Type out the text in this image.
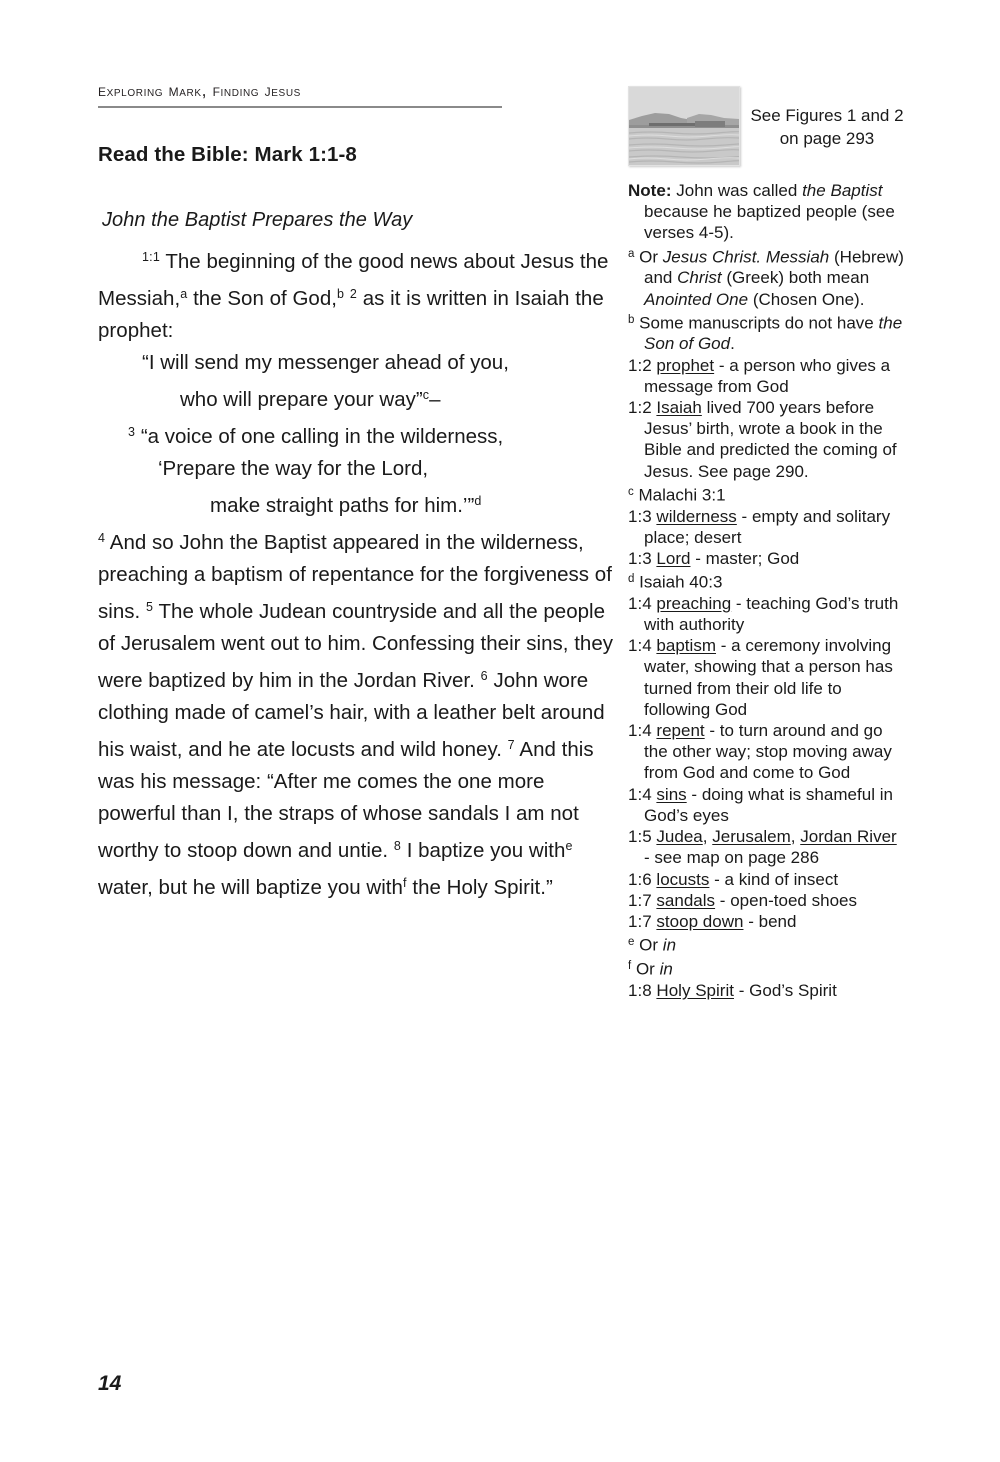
exploring mark, finding jesus
Read the Bible: Mark 1:1-8

John the Baptist Prepares the Way

$^{1:1}$ The beginning of the good news about Jesus the Messiah,$^a$ the Son of God,$^b$ $^2$ as it is written in Isaiah the prophet:

“I will send my messenger ahead of you,

who will prepare your way”$^c$–

$^3$ “a voice of one calling in the wilderness,

‘Prepare the way for the Lord,

make straight paths for him.’”$^d$

$^4$ And so John the Baptist appeared in the wilderness, preaching a baptism of repentance for the forgiveness of sins. $^5$ The whole Judean countryside and all the people of Jerusalem went out to him. Confessing their sins, they were baptized by him in the Jordan River. $^6$ John wore clothing made of camel’s hair, with a leather belt around his waist, and he ate locusts and wild honey. $^7$ And this was his message: “After me comes the one more powerful than I, the straps of whose sandals I am not worthy to stoop down and untie. $^8$ I baptize you with$^e$ water, but he will baptize you with$^f$ the Holy Spirit.”

See Figures 1 and 2 on page 293
Note: John was called the Baptist because he baptized people (see verses 4-5).
$^a$ Or Jesus Christ. Messiah (Hebrew) and Christ (Greek) both mean Anointed One (Chosen One).
$^b$ Some manuscripts do not have the Son of God.
1:2 prophet - a person who gives a message from God
1:2 Isaiah lived 700 years before Jesus’ birth, wrote a book in the Bible and predicted the coming of Jesus. See page 290.
$^c$ Malachi 3:1
1:3 wilderness - empty and solitary place; desert
1:3 Lord - master; God
$^d$ Isaiah 40:3
1:4 preaching - teaching God’s truth with authority
1:4 baptism - a ceremony involving water, showing that a person has turned from their old life to following God
1:4 repent - to turn around and go the other way; stop moving away from God and come to God
1:4 sins - doing what is shameful in God’s eyes
1:5 Judea, Jerusalem, Jordan River - see map on page 286
1:6 locusts - a kind of insect
1:7 sandals - open-toed shoes
1:7 stoop down - bend
$^e$ Or in
$^f$ Or in
1:8 Holy Spirit - God’s Spirit
14
